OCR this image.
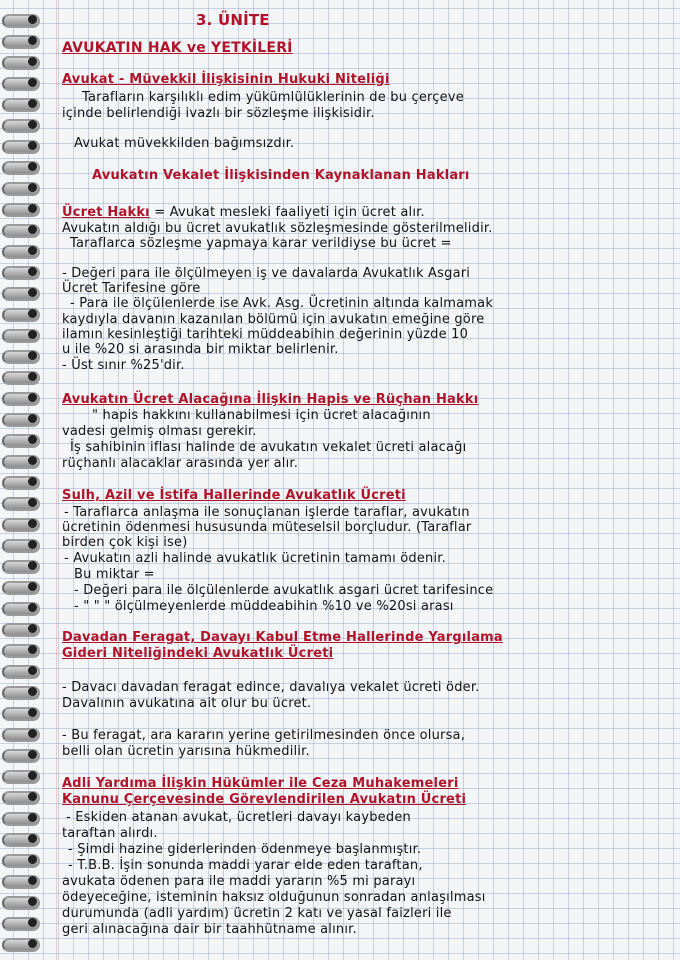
3. ÜNİTE
AVUKATIN HAK ve YETKİLERİ
Avukat - Müvekkil İlişkisinin Hukuki Niteliği
Tarafların karşılıklı edim yükümlülüklerinin de bu çerçeve
içinde belirlendiği ivazlı bir sözleşme ilişkisidir.
Avukat müvekkilden bağımsızdır.
Avukatın Vekalet İlişkisinden Kaynaklanan Hakları
Ücret Hakkı = Avukat mesleki faaliyeti için ücret alır.
Avukatın aldığı bu ücret avukatlık sözleşmesinde gösterilmelidir.
Taraflarca sözleşme yapmaya karar verildiyse bu ücret =
- Değeri para ile ölçülmeyen iş ve davalarda Avukatlık Asgari
Ücret Tarifesine göre
- Para ile ölçülenlerde ise Avk. Asg. Ücretinin altında kalmamak
kaydıyla davanın kazanılan bölümü için avukatın emeğine göre
ilamın kesinleştiği tarihteki müddeabihin değerinin yüzde 10
u ile %20 si arasında bir miktar belirlenir.
- Üst sınır %25'dir.
Avukatın Ücret Alacağına İlişkin Hapis ve Rüçhan Hakkı
" hapis hakkını kullanabilmesi için ücret alacağının
vadesi gelmiş olması gerekir.
İş sahibinin iflası halinde de avukatın vekalet ücreti alacağı
rüçhanlı alacaklar arasında yer alır.
Sulh, Azil ve İstifa Hallerinde Avukatlık Ücreti
- Taraflarca anlaşma ile sonuçlanan işlerde taraflar, avukatın
ücretinin ödenmesi hususunda müteselsil borçludur. (Taraflar
birden çok kişi ise)
- Avukatın azli halinde avukatlık ücretinin tamamı ödenir.
Bu miktar =
- Değeri para ile ölçülenlerde avukatlık asgari ücret tarifesince
- " " " ölçülmeyenlerde müddeabihin %10 ve %20si arası
Davadan Feragat, Davayı Kabul Etme Hallerinde Yargılama
Gideri Niteliğindeki Avukatlık Ücreti
- Davacı davadan feragat edince, davalıya vekalet ücreti öder.
Davalının avukatına ait olur bu ücret.
- Bu feragat, ara kararın yerine getirilmesinden önce olursa,
belli olan ücretin yarısına hükmedilir.
Adli Yardıma İlişkin Hükümler ile Ceza Muhakemeleri
Kanunu Çerçevesinde Görevlendirilen Avukatın Ücreti
- Eskiden atanan avukat, ücretleri davayı kaybeden
taraftan alırdı.
- Şimdi hazine giderlerinden ödenmeye başlanmıştır.
- T.B.B. İşin sonunda maddi yarar elde eden taraftan,
avukata ödenen para ile maddi yararın %5 mi parayı
ödeyeceğine, isteminin haksız olduğunun sonradan anlaşılması
durumunda (adli yardım) ücretin 2 katı ve yasal faizleri ile
geri alınacağına dair bir taahhütname alınır.
